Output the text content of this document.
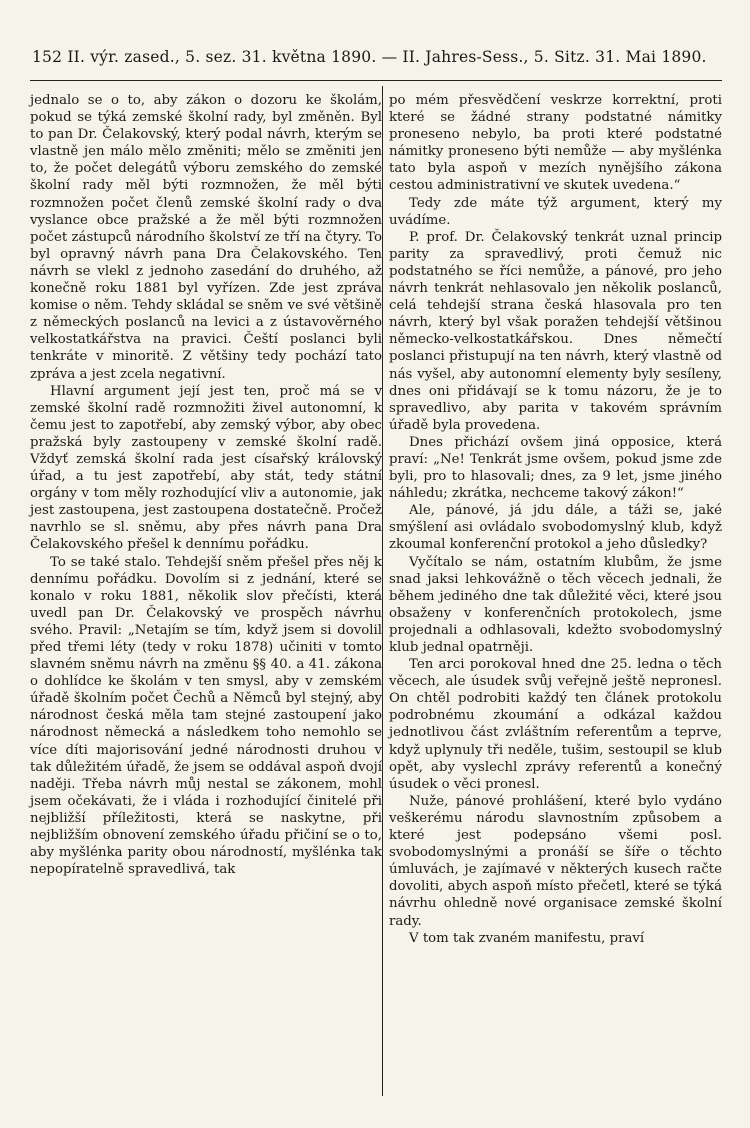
152 II. výr. zased., 5. sez. 31. května 1890. — II. Jahres-Sess., 5. Sitz. 31. Mai 1890.

jednalo se o to, aby zákon o dozoru ke školám, pokud se týká zemské školní rady, byl změněn. Byl to pan Dr. Čelakovský, který podal návrh, kterým se vlastně jen málo mělo změniti; mělo se změniti jen to, že počet delegátů výboru zemského do zemské školní rady měl býti rozmnožen, že měl býti rozmnožen počet členů zemské školní rady o dva vyslance obce pražské a že měl býti rozmnožen počet zástupců národního školství ze tří na čtyry. To byl opravný návrh pana Dra Čelakovského. Ten návrh se vlekl z jednoho zasedání do druhého, až konečně roku 1881 byl vyřízen. Zde jest zpráva komise o něm. Tehdy skládal se sněm ve své většině z německých poslanců na levici a z ústavověrného velkostatkářstva na pravici. Čeští poslanci byli tenkráte v minoritě. Z většiny tedy pochází tato zpráva a jest zcela negativní.

Hlavní argument její jest ten, proč má se v zemské školní radě rozmnožiti živel autonomní, k čemu jest to zapotřebí, aby zemský výbor, aby obec pražská byly zastoupeny v zemské školní radě. Vždyť zemská školní rada jest císařský královský úřad, a tu jest zapotřebí, aby stát, tedy státní orgány v tom měly rozhodující vliv a autonomie, jak jest zastoupena, jest zastoupena dostatečně. Pročež navrhlo se sl. sněmu, aby přes návrh pana Dra Čelakovského přešel k dennímu pořádku.

To se také stalo. Tehdejší sněm přešel přes něj k dennímu pořádku. Dovolím si z jednání, které se konalo v roku 1881, několik slov přečísti, která uvedl pan Dr. Čelakovský ve prospěch návrhu svého. Pravil: „Netajím se tím, když jsem si dovolil před třemi léty (tedy v roku 1878) učiniti v tomto slavném sněmu návrh na změnu §§ 40. a 41. zákona o dohlídce ke školám v ten smysl, aby v zemském úřadě školním počet Čechů a Němců byl stejný, aby národnost česká měla tam stejné zastoupení jako národnost německá a následkem toho nemohlo se více díti majorisování jedné národnosti druhou v tak důležitém úřadě, že jsem se oddával aspoň dvojí naději. Třeba návrh můj nestal se zákonem, mohl jsem očekávati, že i vláda i rozhodující činitelé při nejbližší příležitosti, která se naskytne, při nejbližším obnovení zemského úřadu přičiní se o to, aby myšlénka parity obou národností, myšlénka tak nepopíratelně spravedlivá, tak

po mém přesvědčení veskrze korrektní, proti které se žádné strany podstatné námitky proneseno nebylo, ba proti které podstatné námitky proneseno býti nemůže — aby myšlénka tato byla aspoň v mezích nynějšího zákona cestou administrativní ve skutek uvedena.“

Tedy zde máte týž argument, který my uvádíme.

P. prof. Dr. Čelakovský tenkrát uznal princip parity za spravedlivý, proti čemuž nic podstatného se říci nemůže, a pánové, pro jeho návrh tenkrát nehlasovalo jen několik poslanců, celá tehdejší strana česká hlasovala pro ten návrh, který byl však poražen tehdejší většinou německo-velkostatkářskou. Dnes němečtí poslanci přistupují na ten návrh, který vlastně od nás vyšel, aby autonomní elementy byly sesíleny, dnes oni přidávají se k tomu názoru, že je to spravedlivo, aby parita v takovém správním úřadě byla provedena.

Dnes přichází ovšem jiná opposice, která praví: „Ne! Tenkrát jsme ovšem, pokud jsme zde byli, pro to hlasovali; dnes, za 9 let, jsme jiného náhledu; zkrátka, nechceme takový zákon!“

Ale, pánové, já jdu dále, a táži se, jaké smýšlení asi ovládalo svobodomyslný klub, když zkoumal konferenční protokol a jeho důsledky?

Vyčítalo se nám, ostatním klubům, že jsme snad jaksi lehkovážně o těch věcech jednali, že během jediného dne tak důležité věci, které jsou obsaženy v konferenčních protokolech, jsme projednali a odhlasovali, kdežto svobodomyslný klub jednal opatrněji.

Ten arci porokoval hned dne 25. ledna o těch věcech, ale úsudek svůj veřejně ještě nepronesl. On chtěl podrobiti každý ten článek protokolu podrobnému zkoumání a odkázal každou jednotlivou část zvláštním referentům a teprve, když uplynuly tři neděle, tušim, sestoupil se klub opět, aby vyslechl zprávy referentů a konečný úsudek o věci pronesl.

Nuže, pánové prohlášení, které bylo vydáno veškerému národu slavnostním způsobem a které jest podepsáno všemi posl. svobodomyslnými a pronáší se šíře o těchto úmluvách, je zajímavé v některých kusech račte dovoliti, abych aspoň místo přečetl, které se týká návrhu ohledně nové organisace zemské školní rady.

V tom tak zvaném manifestu, praví
